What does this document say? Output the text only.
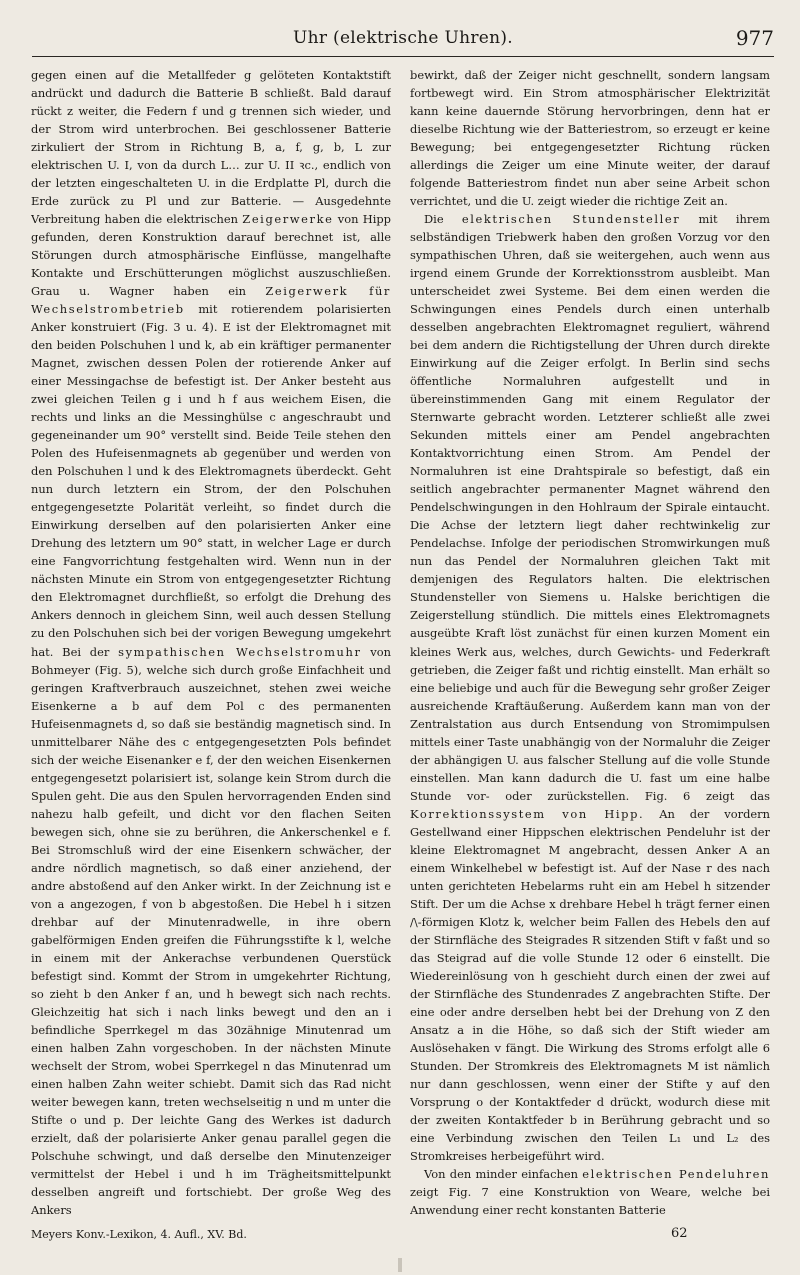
Uhr (elektrische Uhren).	977

gegen einen auf die Metallfeder g gelöteten Kontaktstift andrückt und dadurch die Batterie B schließt. Bald darauf rückt z weiter, die Federn f und g trennen sich wieder, und der Strom wird unterbrochen. Bei geschlossener Batterie zirkuliert der Strom in Richtung B, a, f, g, b, L zur elektrischen U. I, von da durch L… zur U. II ꝛc., endlich von der letzten eingeschalteten U. in die Erdplatte Pl, durch die Erde zurück zu Pl und zur Batterie. — Ausgedehnte Verbreitung haben die elektrischen Zeigerwerke von Hipp gefunden, deren Konstruktion darauf berechnet ist, alle Störungen durch atmosphärische Einflüsse, mangelhafte Kontakte und Erschütterungen möglichst auszuschließen. Grau u. Wagner haben ein Zeigerwerk für Wechselstrombetrieb mit rotierendem polarisierten Anker konstruiert (Fig. 3 u. 4). E ist der Elektromagnet mit den beiden Polschuhen l und k, ab ein kräftiger permanenter Magnet, zwischen dessen Polen der rotierende Anker auf einer Messingachse de befestigt ist. Der Anker besteht aus zwei gleichen Teilen g i und h f aus weichem Eisen, die rechts und links an die Messinghülse c angeschraubt und gegeneinander um 90° verstellt sind. Beide Teile stehen den Polen des Hufeisenmagnets ab gegenüber und werden von den Polschuhen l und k des Elektromagnets überdeckt. Geht nun durch letztern ein Strom, der den Polschuhen entgegengesetzte Polarität verleiht, so findet durch die Einwirkung derselben auf den polarisierten Anker eine Drehung des letztern um 90° statt, in welcher Lage er durch eine Fangvorrichtung festgehalten wird. Wenn nun in der nächsten Minute ein Strom von entgegengesetzter Richtung den Elektromagnet durchfließt, so erfolgt die Drehung des Ankers dennoch in gleichem Sinn, weil auch dessen Stellung zu den Polschuhen sich bei der vorigen Bewegung umgekehrt hat. Bei der sympathischen Wechselstromuhr von Bohmeyer (Fig. 5), welche sich durch große Einfachheit und geringen Kraftverbrauch auszeichnet, stehen zwei weiche Eisenkerne a b auf dem Pol c des permanenten Hufeisenmagnets d, so daß sie beständig magnetisch sind. In unmittelbarer Nähe des c entgegengesetzten Pols befindet sich der weiche Eisenanker e f, der den weichen Eisenkernen entgegengesetzt polarisiert ist, solange kein Strom durch die Spulen geht. Die aus den Spulen hervorragenden Enden sind nahezu halb gefeilt, und dicht vor den flachen Seiten bewegen sich, ohne sie zu berühren, die Ankerschenkel e f. Bei Stromschluß wird der eine Eisenkern schwächer, der andre nördlich magnetisch, so daß einer anziehend, der andre abstoßend auf den Anker wirkt. In der Zeichnung ist e von a angezogen, f von b abgestoßen. Die Hebel h i sitzen drehbar auf der Minutenradwelle, in ihre obern gabelförmigen Enden greifen die Führungsstifte k l, welche in einem mit der Ankerachse verbundenen Querstück befestigt sind. Kommt der Strom in umgekehrter Richtung, so zieht b den Anker f an, und h bewegt sich nach rechts. Gleichzeitig hat sich i nach links bewegt und den an i befindliche Sperrkegel m das 30zähnige Minutenrad um einen halben Zahn vorgeschoben. In der nächsten Minute wechselt der Strom, wobei Sperrkegel n das Minutenrad um einen halben Zahn weiter schiebt. Damit sich das Rad nicht weiter bewegen kann, treten wechselseitig n und m unter die Stifte o und p. Der leichte Gang des Werkes ist dadurch erzielt, daß der polarisierte Anker genau parallel gegen die Polschuhe schwingt, und daß derselbe den Minutenzeiger vermittelst der Hebel i und h im Trägheitsmittelpunkt desselben angreift und fortschiebt. Der große Weg des Ankers

bewirkt, daß der Zeiger nicht geschnellt, sondern langsam fortbewegt wird. Ein Strom atmosphärischer Elektrizität kann keine dauernde Störung hervorbringen, denn hat er dieselbe Richtung wie der Batteriestrom, so erzeugt er keine Bewegung; bei entgegengesetzter Richtung rücken allerdings die Zeiger um eine Minute weiter, der darauf folgende Batteriestrom findet nun aber seine Arbeit schon verrichtet, und die U. zeigt wieder die richtige Zeit an.

Die elektrischen Stundensteller mit ihrem selbständigen Triebwerk haben den großen Vorzug vor den sympathischen Uhren, daß sie weitergehen, auch wenn aus irgend einem Grunde der Korrektionsstrom ausbleibt. Man unterscheidet zwei Systeme. Bei dem einen werden die Schwingungen eines Pendels durch einen unterhalb desselben angebrachten Elektromagnet reguliert, während bei dem andern die Richtigstellung der Uhren durch direkte Einwirkung auf die Zeiger erfolgt. In Berlin sind sechs öffentliche Normaluhren aufgestellt und in übereinstimmenden Gang mit einem Regulator der Sternwarte gebracht worden. Letzterer schließt alle zwei Sekunden mittels einer am Pendel angebrachten Kontaktvorrichtung einen Strom. Am Pendel der Normaluhren ist eine Drahtspirale so befestigt, daß ein seitlich angebrachter permanenter Magnet während den Pendelschwingungen in den Hohlraum der Spirale eintaucht. Die Achse der letztern liegt daher rechtwinkelig zur Pendelachse. Infolge der periodischen Stromwirkungen muß nun das Pendel der Normaluhren gleichen Takt mit demjenigen des Regulators halten. Die elektrischen Stundensteller von Siemens u. Halske berichtigen die Zeigerstellung stündlich. Die mittels eines Elektromagnets ausgeübte Kraft löst zunächst für einen kurzen Moment ein kleines Werk aus, welches, durch Gewichts- und Federkraft getrieben, die Zeiger faßt und richtig einstellt. Man erhält so eine beliebige und auch für die Bewegung sehr großer Zeiger ausreichende Kraftäußerung. Außerdem kann man von der Zentralstation aus durch Entsendung von Stromimpulsen mittels einer Taste unabhängig von der Normaluhr die Zeiger der abhängigen U. aus falscher Stellung auf die volle Stunde einstellen. Man kann dadurch die U. fast um eine halbe Stunde vor- oder zurückstellen. Fig. 6 zeigt das Korrektionssystem von Hipp. An der vordern Gestellwand einer Hippschen elektrischen Pendeluhr ist der kleine Elektromagnet M angebracht, dessen Anker A an einem Winkelhebel w befestigt ist. Auf der Nase r des nach unten gerichteten Hebelarms ruht ein am Hebel h sitzender Stift. Der um die Achse x drehbare Hebel h trägt ferner einen /\-förmigen Klotz k, welcher beim Fallen des Hebels den auf der Stirnfläche des Steigrades R sitzenden Stift v faßt und so das Steigrad auf die volle Stunde 12 oder 6 einstellt. Die Wiedereinlösung von h geschieht durch einen der zwei auf der Stirnfläche des Stundenrades Z angebrachten Stifte. Der eine oder andre derselben hebt bei der Drehung von Z den Ansatz a in die Höhe, so daß sich der Stift wieder am Auslösehaken v fängt. Die Wirkung des Stroms erfolgt alle 6 Stunden. Der Stromkreis des Elektromagnets M ist nämlich nur dann geschlossen, wenn einer der Stifte y auf den Vorsprung o der Kontaktfeder d drückt, wodurch diese mit der zweiten Kontaktfeder b in Berührung gebracht und so eine Verbindung zwischen den Teilen L₁ und L₂ des Stromkreises herbeigeführt wird.

Von den minder einfachen elektrischen Pendeluhren zeigt Fig. 7 eine Konstruktion von Weare, welche bei Anwendung einer recht konstanten Batterie

Meyers Konv.-Lexikon, 4. Aufl., XV. Bd.	62
